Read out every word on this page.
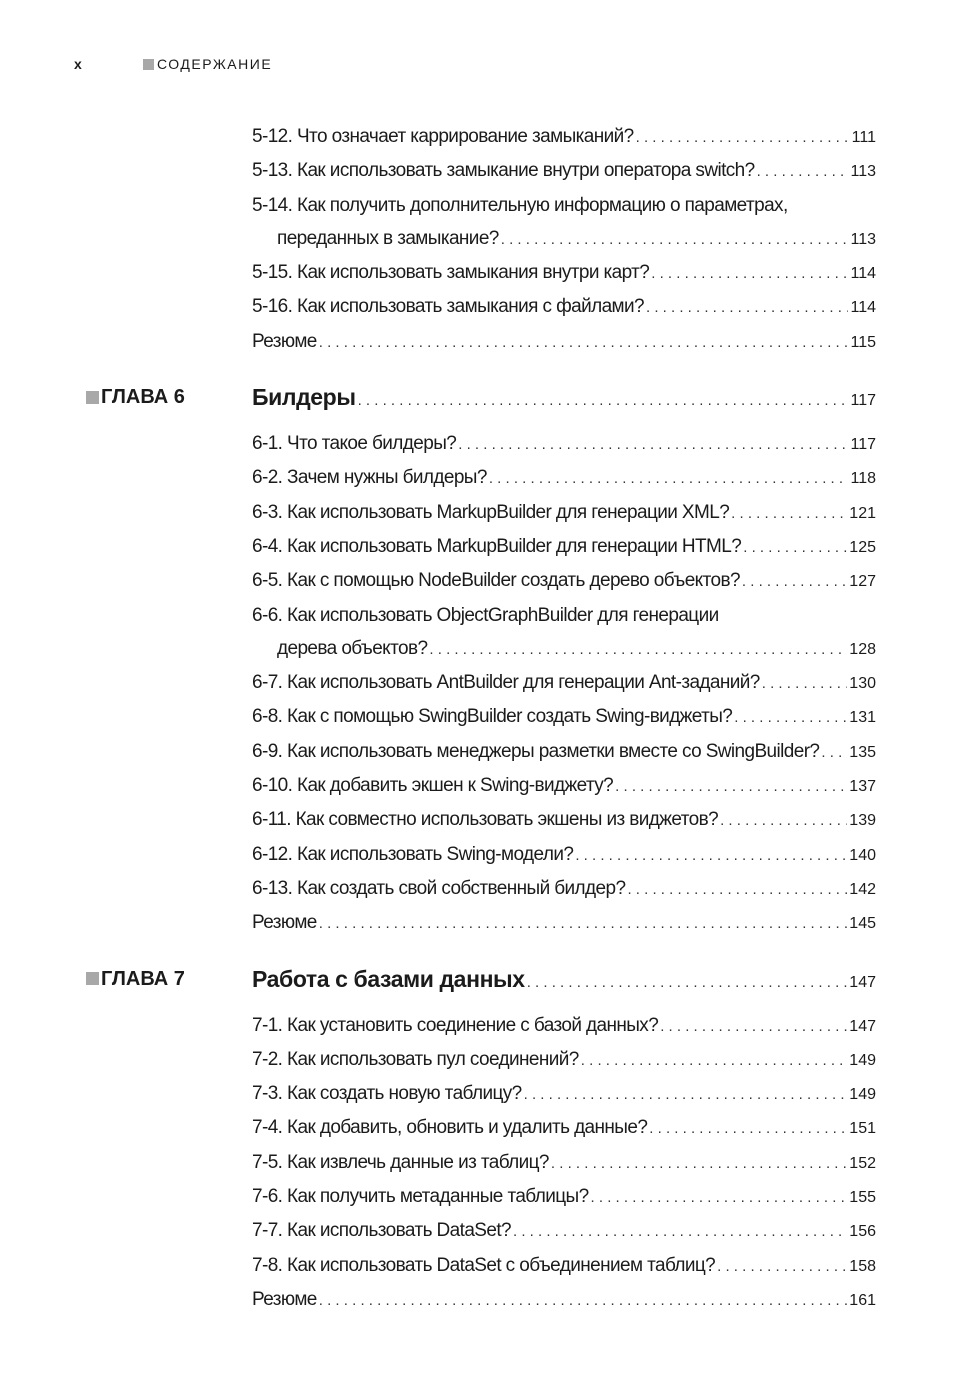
x	СОДЕРЖАНИЕ
5-12. Что означает каррирование замыканий? . . .	111
5-13. Как использовать замыкание внутри оператора switch? . . .	113
5-14. Как получить дополнительную информацию о параметрах,
переданных в замыкание? . . .	113
5-15. Как использовать замыкания внутри карт? . . .	114
5-16. Как использовать замыкания с файлами? . . .	114
Резюме . . .	115
ГЛАВА 6	Билдеры . . .	117
6-1. Что такое билдеры? . . .	117
6-2. Зачем нужны билдеры? . . .	118
6-3. Как использовать MarkupBuilder для генерации XML? . . .	121
6-4. Как использовать MarkupBuilder для генерации HTML? . . .	125
6-5. Как с помощью NodeBuilder создать дерево объектов? . . .	127
6-6. Как использовать ObjectGraphBuilder для генерации
дерева объектов? . . .	128
6-7. Как использовать AntBuilder для генерации Ant-заданий? . . .	130
6-8. Как с помощью SwingBuilder создать Swing-виджеты? . . .	131
6-9. Как использовать менеджеры разметки вместе со SwingBuilder? . . . 135
6-10. Как добавить экшен к Swing-виджету? . . .	137
6-11. Как совместно использовать экшены из виджетов? . . .	139
6-12. Как использовать Swing-модели? . . .	140
6-13. Как создать свой собственный билдер? . . .	142
Резюме . . .	145
ГЛАВА 7	Работа с базами данных . . .	147
7-1. Как установить соединение с базой данных? . . .	147
7-2. Как использовать пул соединений? . . .	149
7-3. Как создать новую таблицу? . . .	149
7-4. Как добавить, обновить и удалить данные? . . .	151
7-5. Как извлечь данные из таблиц? . . .	152
7-6. Как получить метаданные таблицы? . . .	155
7-7. Как использовать DataSet? . . .	156
7-8. Как использовать DataSet с объединением таблиц? . . .	158
Резюме . . .	161
